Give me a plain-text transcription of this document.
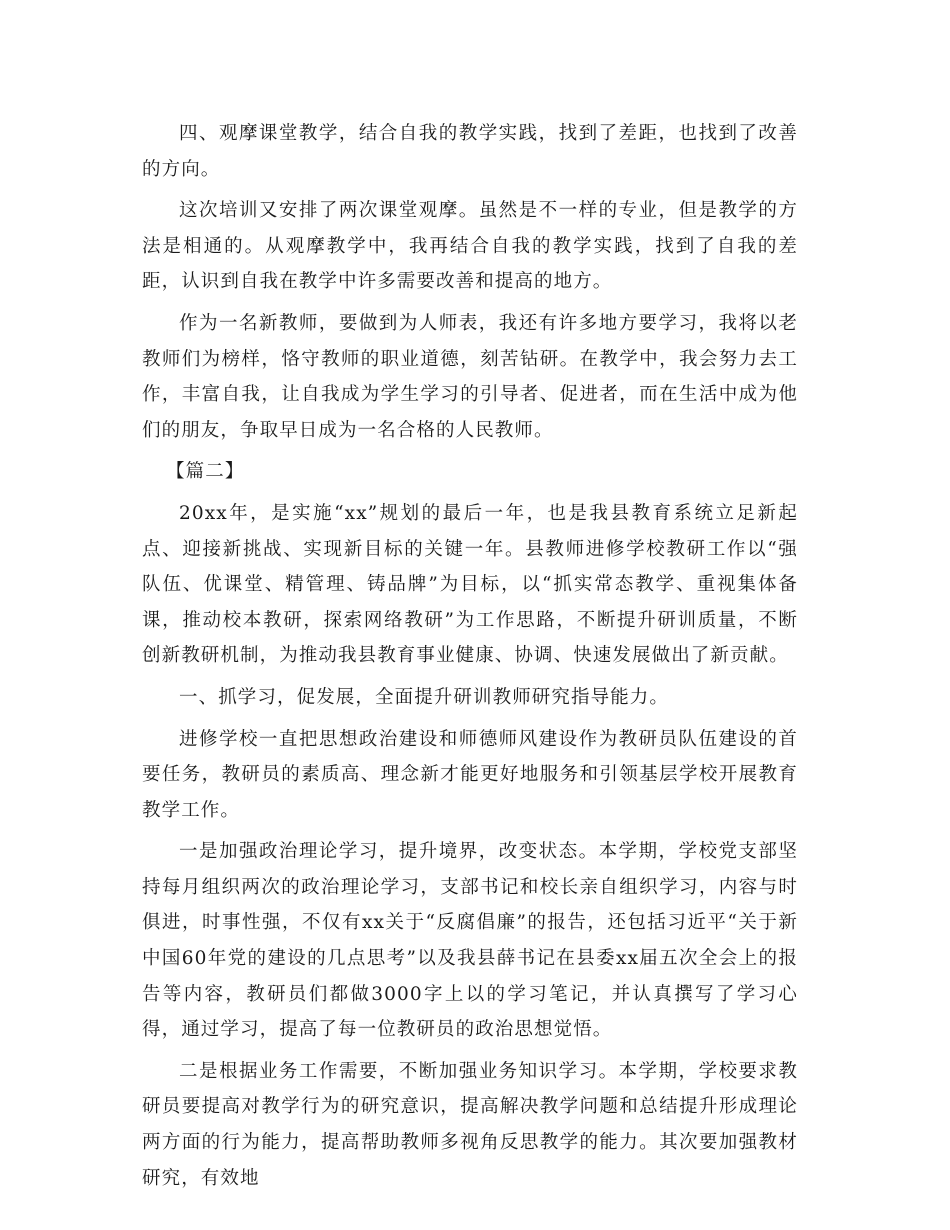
四、观摩课堂教学，结合自我的教学实践，找到了差距，也找到了改善的方向。

这次培训又安排了两次课堂观摩。虽然是不一样的专业，但是教学的方法是相通的。从观摩教学中，我再结合自我的教学实践，找到了自我的差距，认识到自我在教学中许多需要改善和提高的地方。

作为一名新教师，要做到为人师表，我还有许多地方要学习，我将以老教师们为榜样，恪守教师的职业道德，刻苦钻研。在教学中，我会努力去工作，丰富自我，让自我成为学生学习的引导者、促进者，而在生活中成为他们的朋友，争取早日成为一名合格的人民教师。

【篇二】

20xx年，是实施“xx”规划的最后一年，也是我县教育系统立足新起点、迎接新挑战、实现新目标的关键一年。县教师进修学校教研工作以“强队伍、优课堂、精管理、铸品牌”为目标，以“抓实常态教学、重视集体备课，推动校本教研，探索网络教研”为工作思路，不断提升研训质量，不断创新教研机制，为推动我县教育事业健康、协调、快速发展做出了新贡献。

一、抓学习，促发展，全面提升研训教师研究指导能力。

进修学校一直把思想政治建设和师德师风建设作为教研员队伍建设的首要任务，教研员的素质高、理念新才能更好地服务和引领基层学校开展教育教学工作。

一是加强政治理论学习，提升境界，改变状态。本学期，学校党支部坚持每月组织两次的政治理论学习，支部书记和校长亲自组织学习，内容与时俱进，时事性强，不仅有xx关于“反腐倡廉”的报告，还包括习近平“关于新中国60年党的建设的几点思考”以及我县薛书记在县委xx届五次全会上的报告等内容，教研员们都做3000字上以的学习笔记，并认真撰写了学习心得，通过学习，提高了每一位教研员的政治思想觉悟。

二是根据业务工作需要，不断加强业务知识学习。本学期，学校要求教研员要提高对教学行为的研究意识，提高解决教学问题和总结提升形成理论两方面的行为能力，提高帮助教师多视角反思教学的能力。其次要加强教材研究，有效地
